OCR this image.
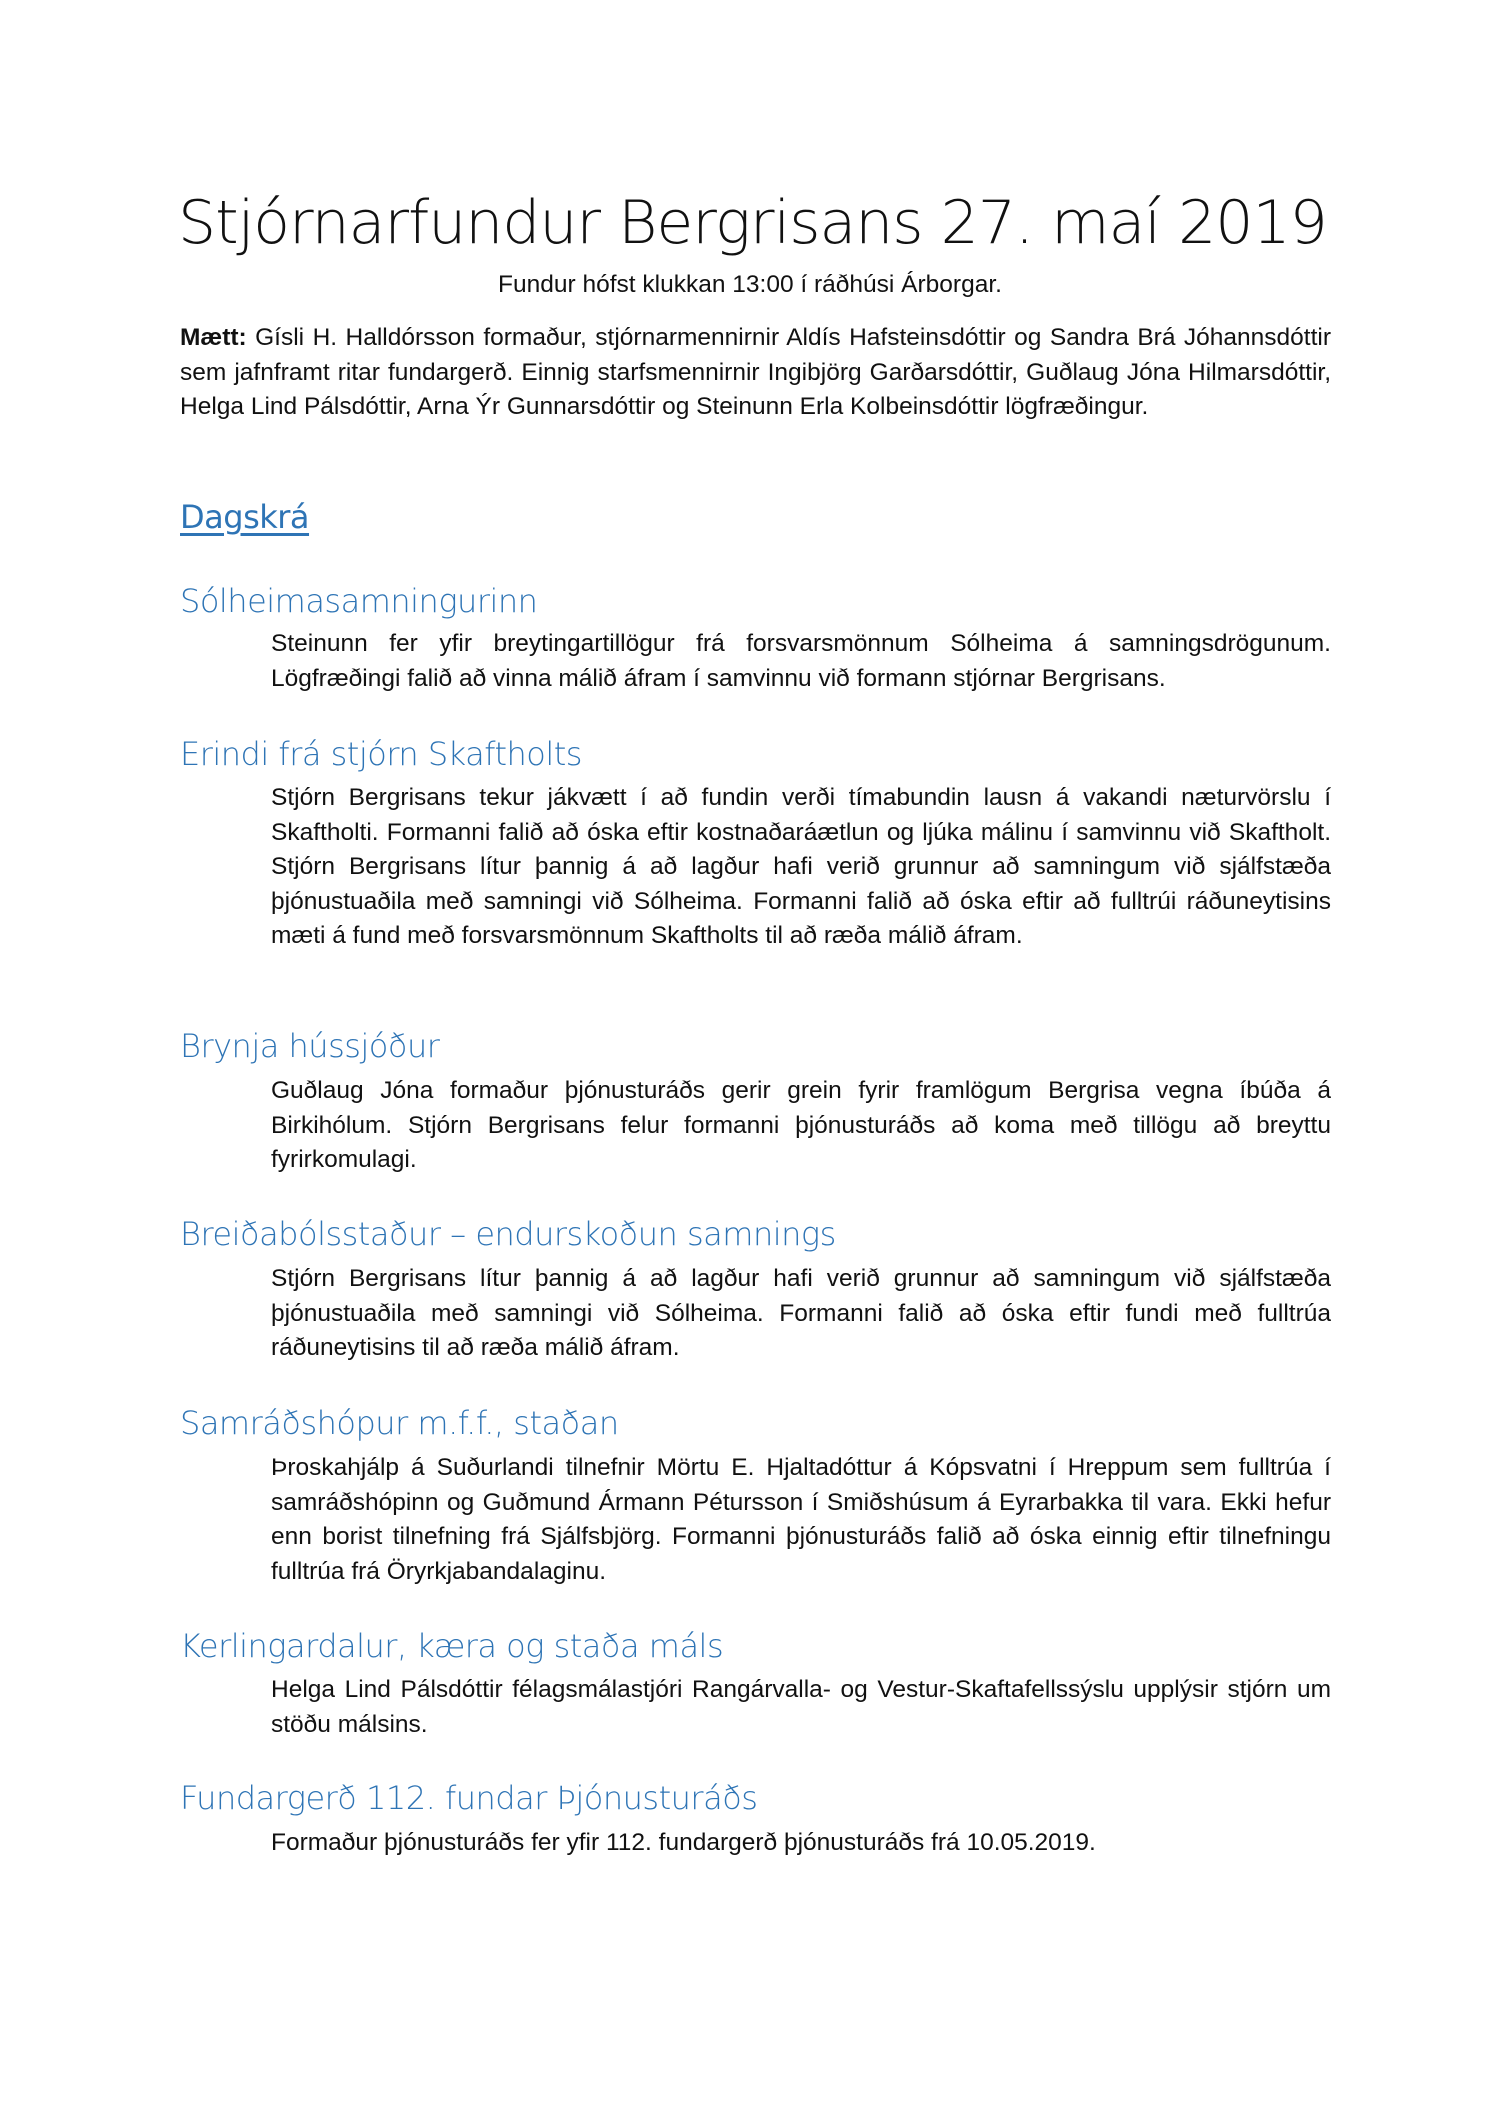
Stjórnarfundur Bergrisans 27. maí 2019
Fundur hófst klukkan 13:00 í ráðhúsi Árborgar.
Mætt: Gísli H. Halldórsson formaður, stjórnarmennirnir Aldís Hafsteinsdóttir og Sandra Brá Jóhannsdóttir sem jafnframt ritar fundargerð. Einnig starfsmennirnir Ingibjörg Garðarsdóttir, Guðlaug Jóna Hilmarsdóttir, Helga Lind Pálsdóttir, Arna Ýr Gunnarsdóttir og Steinunn Erla Kolbeinsdóttir lögfræðingur.
Dagskrá
Sólheimasamningurinn
Steinunn fer yfir breytingartillögur frá forsvarsmönnum Sólheima á samningsdrögunum. Lögfræðingi falið að vinna málið áfram í samvinnu við formann stjórnar Bergrisans.
Erindi frá stjórn Skaftholts
Stjórn Bergrisans tekur jákvætt í að fundin verði tímabundin lausn á vakandi næturvörslu í Skaftholti. Formanni falið að óska eftir kostnaðaráætlun og ljúka málinu í samvinnu við Skaftholt. Stjórn Bergrisans lítur þannig á að lagður hafi verið grunnur að samningum við sjálfstæða þjónustuaðila með samningi við Sólheima. Formanni falið að óska eftir að fulltrúi ráðuneytisins mæti á fund með forsvarsmönnum Skaftholts til að ræða málið áfram.
Brynja hússjóður
Guðlaug Jóna formaður þjónusturáðs gerir grein fyrir framlögum Bergrisa vegna íbúða á Birkihólum. Stjórn Bergrisans felur formanni þjónusturáðs að koma með tillögu að breyttu fyrirkomulagi.
Breiðabólsstaður – endurskoðun samnings
Stjórn Bergrisans lítur þannig á að lagður hafi verið grunnur að samningum við sjálfstæða þjónustuaðila með samningi við Sólheima. Formanni falið að óska eftir fundi með fulltrúa ráðuneytisins til að ræða málið áfram.
Samráðshópur m.f.f., staðan
Þroskahjálp á Suðurlandi tilnefnir Mörtu E. Hjaltadóttur á Kópsvatni í Hreppum sem fulltrúa í samráðshópinn og Guðmund Ármann Pétursson í Smiðshúsum á Eyrarbakka til vara. Ekki hefur enn borist tilnefning frá Sjálfsbjörg. Formanni þjónusturáðs falið að óska einnig eftir tilnefningu fulltrúa frá Öryrkjabandalaginu.
Kerlingardalur, kæra og staða máls
Helga Lind Pálsdóttir félagsmálastjóri Rangárvalla- og Vestur-Skaftafellssýslu upplýsir stjórn um stöðu málsins.
Fundargerð 112. fundar Þjónusturáðs
Formaður þjónusturáðs fer yfir 112. fundargerð þjónusturáðs frá 10.05.2019.
